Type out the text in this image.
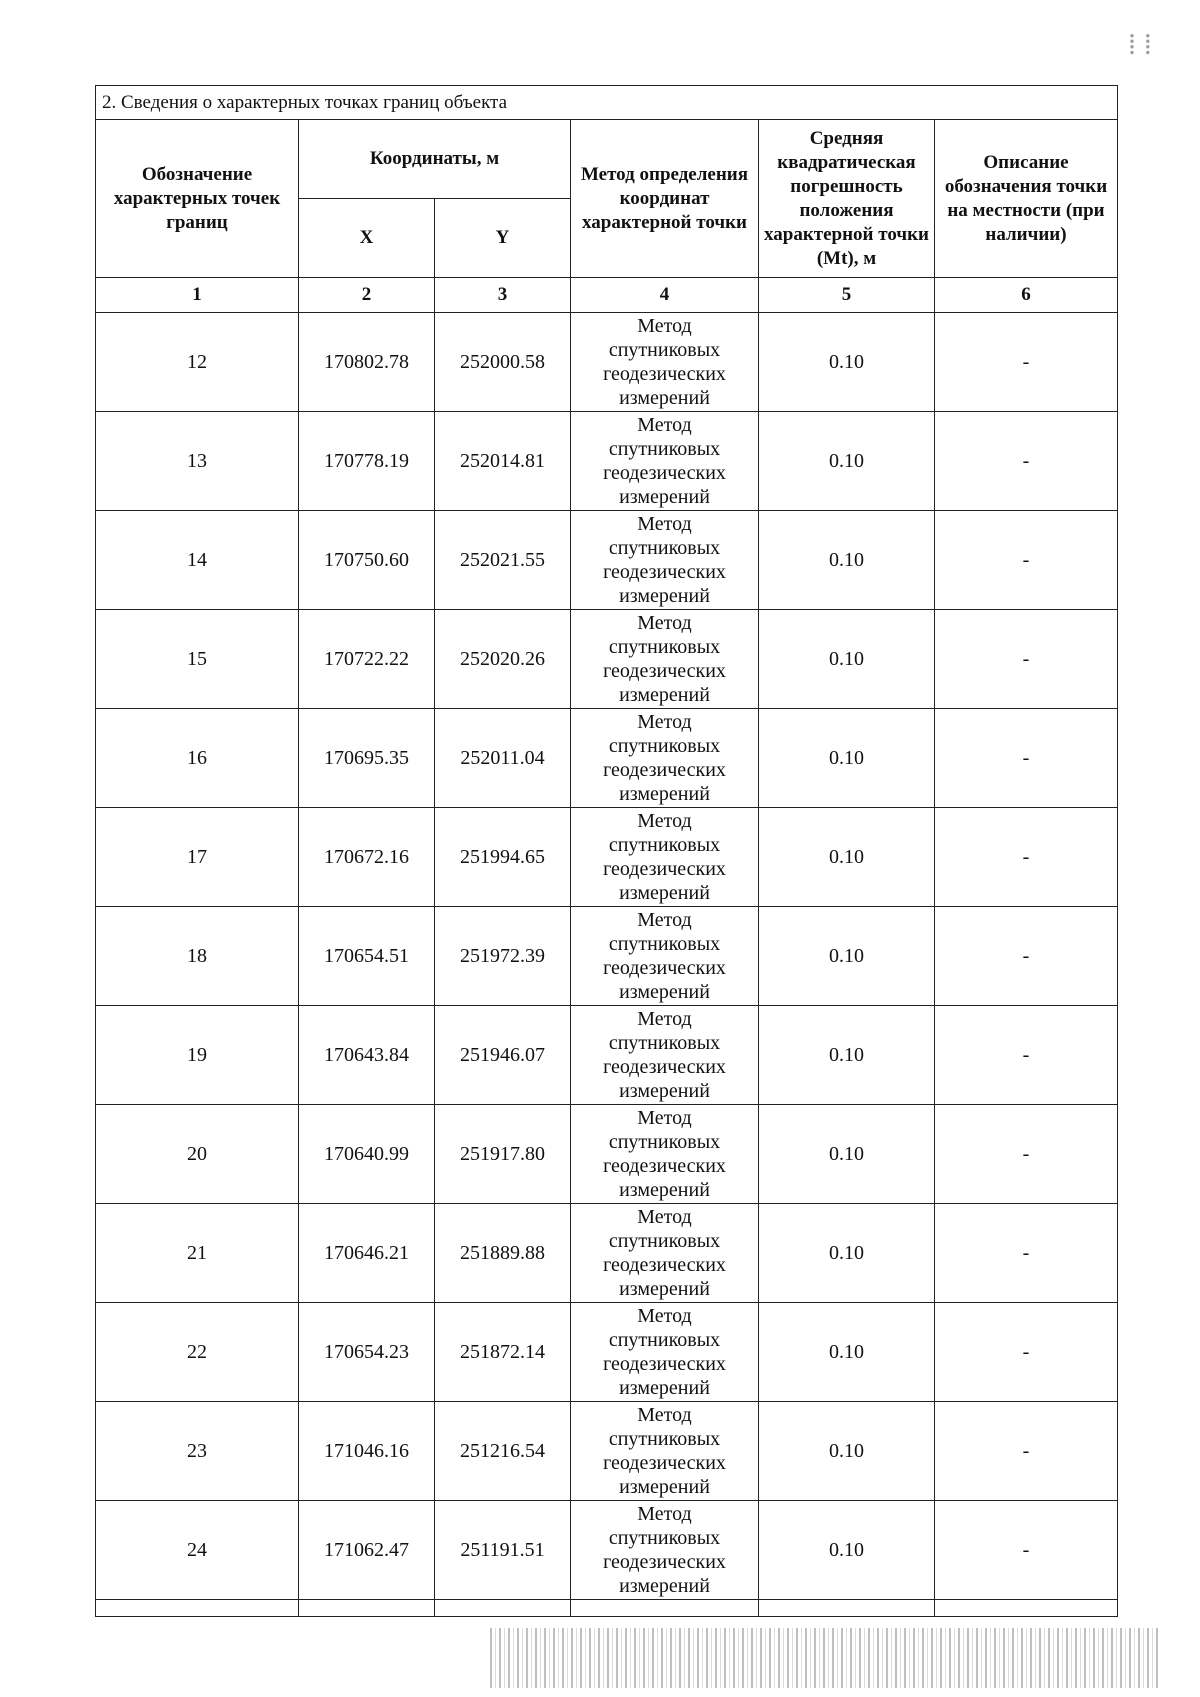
⁞ ⁞
2. Сведения о характерных точках границ объекта					
Обозначение характерных точек границ	Координаты, м		Метод определения координат характерной точки	Средняя квадратическая погрешность положения характерной точки (Mt), м	Описание обозначения точки на местности (при наличии)
	X	Y			
1	2	3	4	5	6
12	170802.78	252000.58	Метод
спутниковых
геодезических
измерений	0.10	-
13	170778.19	252014.81	Метод
спутниковых
геодезических
измерений	0.10	-
14	170750.60	252021.55	Метод
спутниковых
геодезических
измерений	0.10	-
15	170722.22	252020.26	Метод
спутниковых
геодезических
измерений	0.10	-
16	170695.35	252011.04	Метод
спутниковых
геодезических
измерений	0.10	-
17	170672.16	251994.65	Метод
спутниковых
геодезических
измерений	0.10	-
18	170654.51	251972.39	Метод
спутниковых
геодезических
измерений	0.10	-
19	170643.84	251946.07	Метод
спутниковых
геодезических
измерений	0.10	-
20	170640.99	251917.80	Метод
спутниковых
геодезических
измерений	0.10	-
21	170646.21	251889.88	Метод
спутниковых
геодезических
измерений	0.10	-
22	170654.23	251872.14	Метод
спутниковых
геодезических
измерений	0.10	-
23	171046.16	251216.54	Метод
спутниковых
геодезических
измерений	0.10	-
24	171062.47	251191.51	Метод
спутниковых
геодезических
измерений	0.10	-
